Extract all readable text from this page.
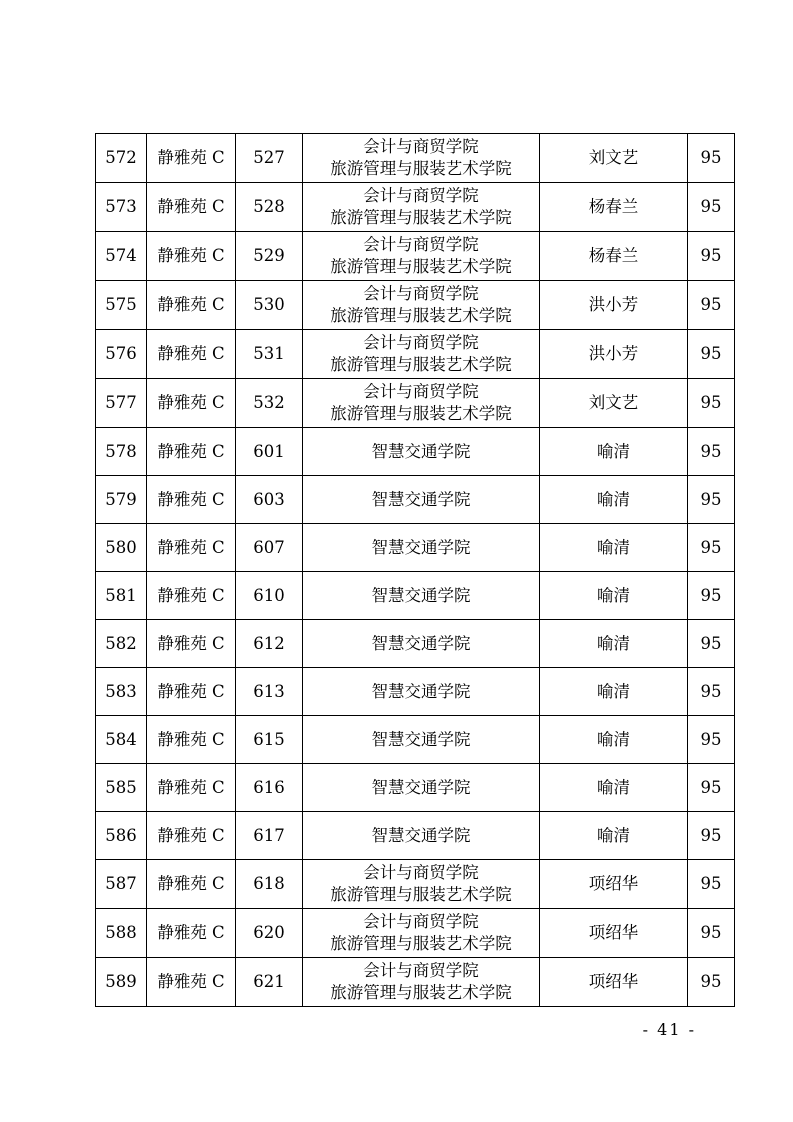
572	静雅苑 C	527	会计与商贸学院
旅游管理与服装艺术学院	刘文艺	95
573	静雅苑 C	528	会计与商贸学院
旅游管理与服装艺术学院	杨春兰	95
574	静雅苑 C	529	会计与商贸学院
旅游管理与服装艺术学院	杨春兰	95
575	静雅苑 C	530	会计与商贸学院
旅游管理与服装艺术学院	洪小芳	95
576	静雅苑 C	531	会计与商贸学院
旅游管理与服装艺术学院	洪小芳	95
577	静雅苑 C	532	会计与商贸学院
旅游管理与服装艺术学院	刘文艺	95
578	静雅苑 C	601	智慧交通学院	喻清	95
579	静雅苑 C	603	智慧交通学院	喻清	95
580	静雅苑 C	607	智慧交通学院	喻清	95
581	静雅苑 C	610	智慧交通学院	喻清	95
582	静雅苑 C	612	智慧交通学院	喻清	95
583	静雅苑 C	613	智慧交通学院	喻清	95
584	静雅苑 C	615	智慧交通学院	喻清	95
585	静雅苑 C	616	智慧交通学院	喻清	95
586	静雅苑 C	617	智慧交通学院	喻清	95
587	静雅苑 C	618	会计与商贸学院
旅游管理与服装艺术学院	项绍华	95
588	静雅苑 C	620	会计与商贸学院
旅游管理与服装艺术学院	项绍华	95
589	静雅苑 C	621	会计与商贸学院
旅游管理与服装艺术学院	项绍华	95
- 41 -
